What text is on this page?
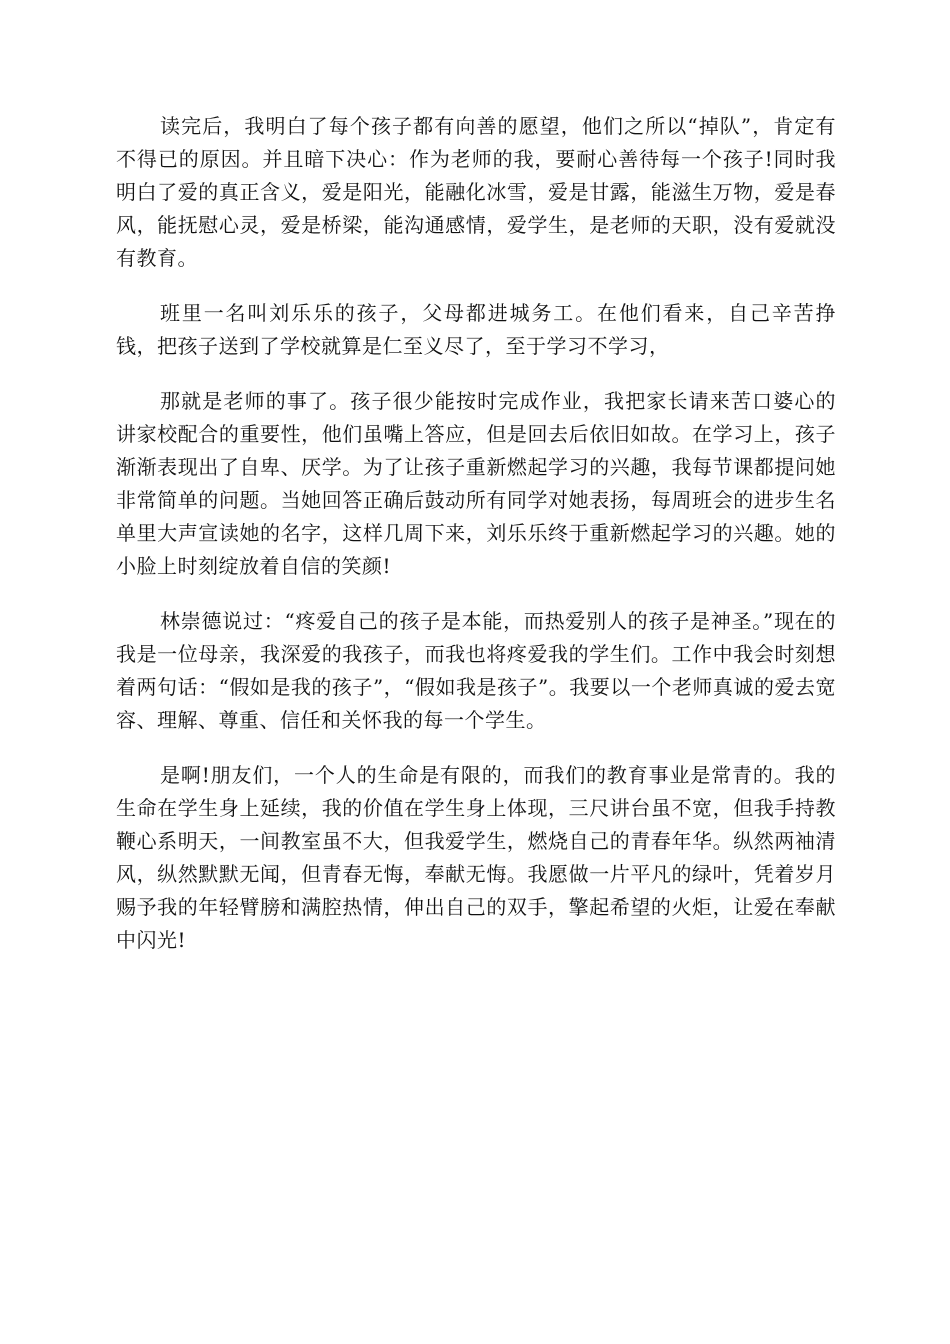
读完后，我明白了每个孩子都有向善的愿望，他们之所以“掉队”，肯定有不得已的原因。并且暗下决心：作为老师的我，要耐心善待每一个孩子!同时我明白了爱的真正含义，爱是阳光，能融化冰雪，爱是甘露，能滋生万物，爱是春风，能抚慰心灵，爱是桥梁，能沟通感情，爱学生，是老师的天职，没有爱就没有教育。

班里一名叫刘乐乐的孩子，父母都进城务工。在他们看来，自己辛苦挣钱，把孩子送到了学校就算是仁至义尽了，至于学习不学习，

那就是老师的事了。孩子很少能按时完成作业，我把家长请来苦口婆心的讲家校配合的重要性，他们虽嘴上答应，但是回去后依旧如故。在学习上，孩子渐渐表现出了自卑、厌学。为了让孩子重新燃起学习的兴趣，我每节课都提问她非常简单的问题。当她回答正确后鼓动所有同学对她表扬，每周班会的进步生名单里大声宣读她的名字，这样几周下来，刘乐乐终于重新燃起学习的兴趣。她的小脸上时刻绽放着自信的笑颜!

林崇德说过：“疼爱自己的孩子是本能，而热爱别人的孩子是神圣。”现在的我是一位母亲，我深爱的我孩子，而我也将疼爱我的学生们。工作中我会时刻想着两句话：“假如是我的孩子”，“假如我是孩子”。我要以一个老师真诚的爱去宽容、理解、尊重、信任和关怀我的每一个学生。

是啊!朋友们，一个人的生命是有限的，而我们的教育事业是常青的。我的生命在学生身上延续，我的价值在学生身上体现，三尺讲台虽不宽，但我手持教鞭心系明天，一间教室虽不大，但我爱学生，燃烧自己的青春年华。纵然两袖清风，纵然默默无闻，但青春无悔，奉献无悔。我愿做一片平凡的绿叶，凭着岁月赐予我的年轻臂膀和满腔热情，伸出自己的双手，擎起希望的火炬，让爱在奉献中闪光!
